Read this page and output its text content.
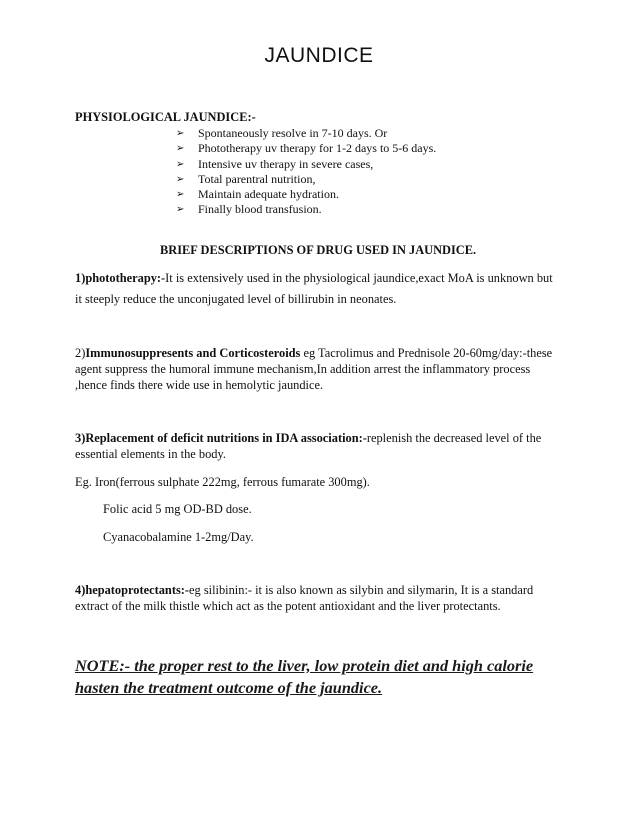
JAUNDICE
PHYSIOLOGICAL JAUNDICE:-
➢	Spontaneously resolve in 7-10 days. Or
➢	Phototherapy uv therapy for 1-2 days to 5-6 days.
➢	Intensive uv therapy in severe cases,
➢	Total parentral nutrition,
➢	Maintain adequate hydration.
➢	Finally blood transfusion.
BRIEF DESCRIPTIONS OF DRUG USED IN JAUNDICE.
1)phototherapy:-It is extensively used in the physiological jaundice,exact MoA is unknown but
it steeply reduce the unconjugated level of billirubin in neonates.
2)Immunosuppresents and Corticosteroids eg Tacrolimus and Prednisole 20-60mg/day:-these
agent suppress the humoral immune mechanism,In addition arrest the inflammatory process
,hence finds there wide use in hemolytic jaundice.
3)Replacement of deficit nutritions in IDA association:-replenish the decreased level of the
essential elements in the body.
Eg. Iron(ferrous sulphate 222mg, ferrous fumarate 300mg).
Folic acid 5 mg OD-BD dose.
Cyanacobalamine 1-2mg/Day.
4)hepatoprotectants:-eg silibinin:- it is also known as silybin and silymarin, It is a standard
extract of the milk thistle which act as the potent antioxidant and the liver protectants.
NOTE:- the proper rest to the liver, low protein diet and high calorie hasten the treatment outcome of the jaundice.
